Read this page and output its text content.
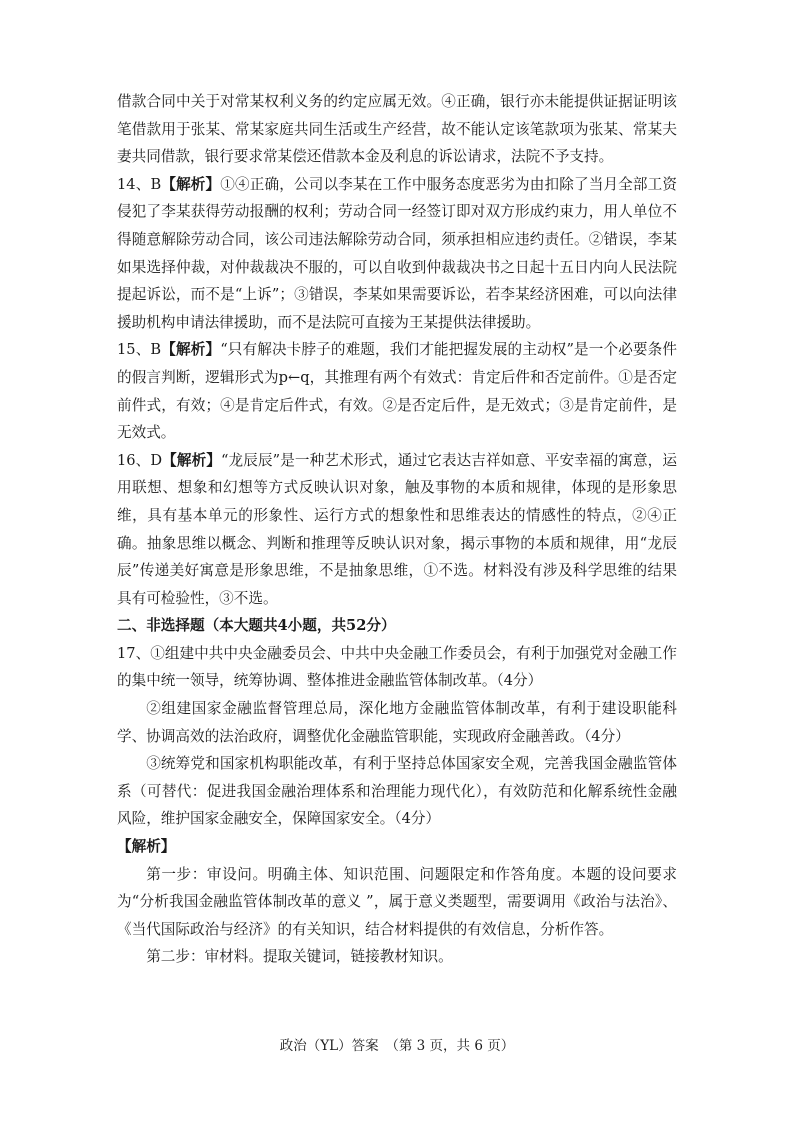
借款合同中关于对常某权利义务的约定应属无效。④正确，银行亦未能提供证据证明该笔借款用于张某、常某家庭共同生活或生产经营，故不能认定该笔款项为张某、常某夫妻共同借款，银行要求常某偿还借款本金及利息的诉讼请求，法院不予支持。

14、B【解析】①④正确，公司以李某在工作中服务态度恶劣为由扣除了当月全部工资侵犯了李某获得劳动报酬的权利；劳动合同一经签订即对双方形成约束力，用人单位不得随意解除劳动合同，该公司违法解除劳动合同，须承担相应违约责任。②错误，李某如果选择仲裁，对仲裁裁决不服的，可以自收到仲裁裁决书之日起十五日内向人民法院提起诉讼，而不是“上诉”；③错误，李某如果需要诉讼，若李某经济困难，可以向法律援助机构申请法律援助，而不是法院可直接为王某提供法律援助。

15、B【解析】“只有解决卡脖子的难题，我们才能把握发展的主动权”是一个必要条件的假言判断，逻辑形式为p←q，其推理有两个有效式：肯定后件和否定前件。①是否定前件式，有效；④是肯定后件式，有效。②是否定后件，是无效式；③是肯定前件，是无效式。

16、D【解析】“龙辰辰”是一种艺术形式，通过它表达吉祥如意、平安幸福的寓意，运用联想、想象和幻想等方式反映认识对象，触及事物的本质和规律，体现的是形象思维，具有基本单元的形象性、运行方式的想象性和思维表达的情感性的特点，②④正确。抽象思维以概念、判断和推理等反映认识对象，揭示事物的本质和规律，用“龙辰辰”传递美好寓意是形象思维，不是抽象思维，①不选。材料没有涉及科学思维的结果具有可检验性，③不选。

二、非选择题（本大题共4小题，共52分）

17、①组建中共中央金融委员会、中共中央金融工作委员会，有利于加强党对金融工作的集中统一领导，统筹协调、整体推进金融监管体制改革。（4分）

②组建国家金融监督管理总局，深化地方金融监管体制改革，有利于建设职能科学、协调高效的法治政府，调整优化金融监管职能，实现政府金融善政。（4分）

③统筹党和国家机构职能改革，有利于坚持总体国家安全观，完善我国金融监管体系（可替代：促进我国金融治理体系和治理能力现代化），有效防范和化解系统性金融风险，维护国家金融安全，保障国家安全。（4分）

【解析】

第一步：审设问。明确主体、知识范围、问题限定和作答角度。本题的设问要求为“分析我国金融监管体制改革的意义 ”，属于意义类题型，需要调用《政治与法治》、《当代国际政治与经济》的有关知识，结合材料提供的有效信息，分析作答。

第二步：审材料。提取关键词，链接教材知识。

政治（YL）答案　（第 3 页，共 6 页）
